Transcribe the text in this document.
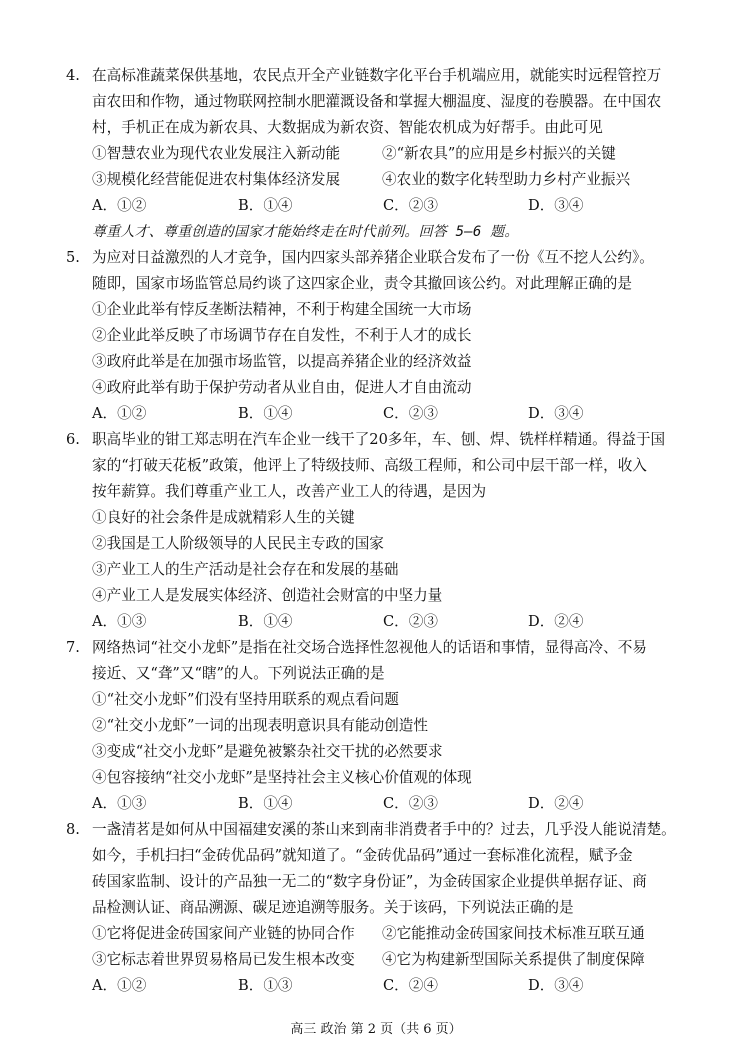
4. 在高标准蔬菜保供基地，农民点开全产业链数字化平台手机端应用，就能实时远程管控万
亩农田和作物，通过物联网控制水肥灌溉设备和掌握大棚温度、湿度的卷膜器。在中国农
村，手机正在成为新农具、大数据成为新农资、智能农机成为好帮手。由此可见
①智慧农业为现代农业发展注入新动能	②“新农具”的应用是乡村振兴的关键
③规模化经营能促进农村集体经济发展	④农业的数字化转型助力乡村产业振兴
A．①②	B．①④	C．②③	D．③④
尊重人才、尊重创造的国家才能始终走在时代前列。回答 5—6 题。
5. 为应对日益激烈的人才竞争，国内四家头部养猪企业联合发布了一份《互不挖人公约》。
随即，国家市场监管总局约谈了这四家企业，责令其撤回该公约。对此理解正确的是
①企业此举有悖反垄断法精神，不利于构建全国统一大市场
②企业此举反映了市场调节存在自发性，不利于人才的成长
③政府此举是在加强市场监管，以提高养猪企业的经济效益
④政府此举有助于保护劳动者从业自由，促进人才自由流动
A．①②	B．①④	C．②③	D．③④
6. 职高毕业的钳工郑志明在汽车企业一线干了20多年，车、刨、焊、铣样样精通。得益于国
家的“打破天花板”政策，他评上了特级技师、高级工程师，和公司中层干部一样，收入
按年薪算。我们尊重产业工人，改善产业工人的待遇，是因为
①良好的社会条件是成就精彩人生的关键
②我国是工人阶级领导的人民民主专政的国家
③产业工人的生产活动是社会存在和发展的基础
④产业工人是发展实体经济、创造社会财富的中坚力量
A．①③	B．①④	C．②③	D．②④
7. 网络热词“社交小龙虾”是指在社交场合选择性忽视他人的话语和事情，显得高冷、不易
接近、又“聋”又“瞎”的人。下列说法正确的是
①“社交小龙虾”们没有坚持用联系的观点看问题
②“社交小龙虾”一词的出现表明意识具有能动创造性
③变成“社交小龙虾”是避免被繁杂社交干扰的必然要求
④包容接纳“社交小龙虾”是坚持社会主义核心价值观的体现
A．①③	B．①④	C．②③	D．②④
8. 一盏清茗是如何从中国福建安溪的茶山来到南非消费者手中的？过去，几乎没人能说清楚。
如今，手机扫扫“金砖优品码”就知道了。“金砖优品码”通过一套标准化流程，赋予金
砖国家监制、设计的产品独一无二的“数字身份证”，为金砖国家企业提供单据存证、商
品检测认证、商品溯源、碳足迹追溯等服务。关于该码，下列说法正确的是
①它将促进金砖国家间产业链的协同合作 ②它能推动金砖国家间技术标准互联互通
③它标志着世界贸易格局已发生根本改变 ④它为构建新型国际关系提供了制度保障
A．①②	B．①③	C．②④	D．③④
高三 政治 第 2 页（共 6 页）
